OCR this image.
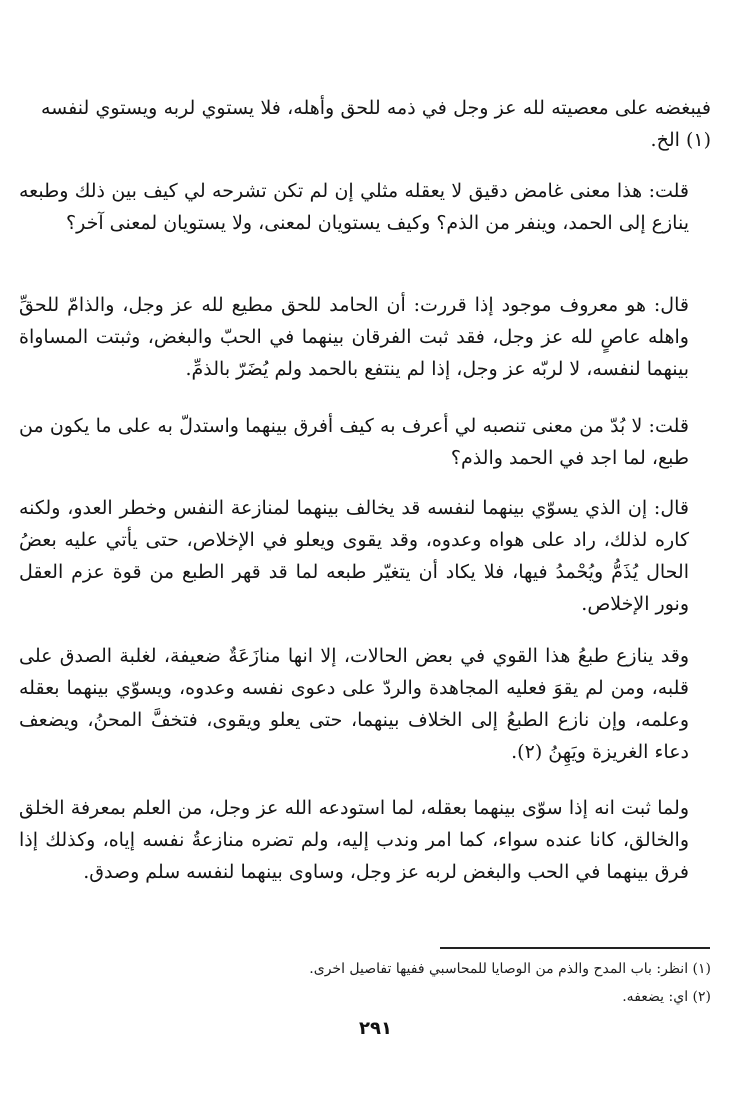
فيبغضه على معصيته لله عز وجل في ذمه للحق وأهله، فلا يستوي لربه ويستوي لنفسه (١) الخ.

قلت: هذا معنى غامض دقيق لا يعقله مثلي إن لم تكن تشرحه لي كيف بين ذلك وطبعه ينازع إلى الحمد، وينفر من الذم؟ وكيف يستويان لمعنى، ولا يستويان لمعنى آخر؟

قال: هو معروف موجود إذا قررت: أن الحامد للحق مطيع لله عز وجل، والذامّ للحقِّ واهله عاصٍ لله عز وجل، فقد ثبت الفرقان بينهما في الحبّ والبغض، وثبتت المساواة بينهما لنفسه، لا لربّه عز وجل، إذا لم ينتفع بالحمد ولم يُضَرّ بالذمِّ.

قلت: لا بُدّ من معنى تنصبه لي أعرف به كيف أفرق بينهما واستدلّ به على ما يكون من طبع، لما اجد في الحمد والذم؟

قال: إن الذي يسوّي بينهما لنفسه قد يخالف بينهما لمنازعة النفس وخطر العدو، ولكنه كاره لذلك، راد على هواه وعدوه، وقد يقوى ويعلو في الإخلاص، حتى يأتي عليه بعضُ الحال يُذَمُّ ويُحْمدُ فيها، فلا يكاد أن يتغيّر طبعه لما قد قهر الطبع من قوة عزم العقل ونور الإخلاص.

وقد ينازع طبعُ هذا القوي في بعض الحالات، إلا انها منازَعَةٌ ضعيفة، لغلبة الصدق على قلبه، ومن لم يقوَ فعليه المجاهدة والردّ على دعوى نفسه وعدوه، ويسوّي بينهما بعقله وعلمه، وإن نازع الطبعُ إلى الخلاف بينهما، حتى يعلو ويقوى، فتخفَّ المحنُ، ويضعف دعاء الغريزة ويَهِنُ (٢).

ولما ثبت انه إذا سوّى بينهما بعقله، لما استودعه الله عز وجل، من العلم بمعرفة الخلق والخالق، كانا عنده سواء، كما امر وندب إليه، ولم تضره منازعةُ نفسه إياه، وكذلك إذا فرق بينهما في الحب والبغض لربه عز وجل، وساوى بينهما لنفسه سلم وصدق.

(١) انظر: باب المدح والذم من الوصايا للمحاسبي ففيها تفاصيل اخرى.

(٢) اي: يضعفه.

٢٩١
